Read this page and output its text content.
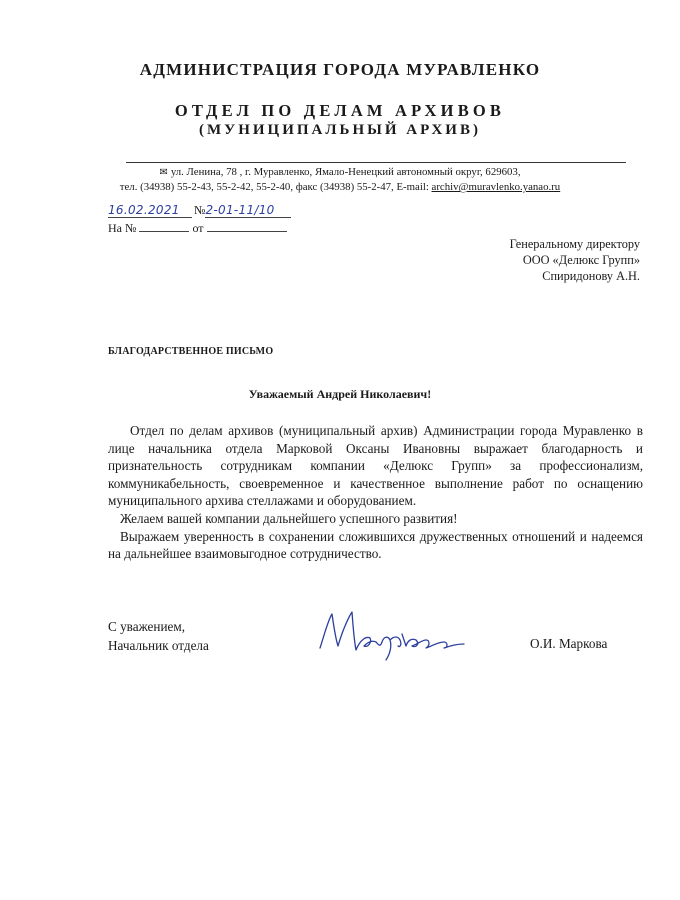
АДМИНИСТРАЦИЯ ГОРОДА МУРАВЛЕНКО
ОТДЕЛ ПО ДЕЛАМ АРХИВОВ
(МУНИЦИПАЛЬНЫЙ АРХИВ)
✉ ул. Ленина, 78 , г. Муравленко, Ямало-Ненецкий автономный округ, 629603,
тел. (34938) 55-2-43, 55-2-42, 55-2-40, факс (34938) 55-2-47, E-mail: archiv@muravlenko.yanao.ru
16.02.2021 №2-01-11/10
На №	от
Генеральному директору
ООО «Делюкс Групп»
Спиридонову А.Н.
БЛАГОДАРСТВЕННОЕ ПИСЬМО
Уважаемый Андрей Николаевич!

Отдел по делам архивов (муниципальный архив) Администрации города Муравленко в лице начальника отдела Марковой Оксаны Ивановны выражает благодарность и признательность сотрудникам компании «Делюкс Групп» за профессионализм, коммуникабельность, своевременное и качественное выполнение работ по оснащению муниципального архива стеллажами и оборудованием.

Желаем вашей компании дальнейшего успешного развития!

Выражаем уверенность в сохранении сложившихся дружественных отношений и надеемся на дальнейшее взаимовыгодное сотрудничество.

С уважением,
Начальник отдела	О.И. Маркова
